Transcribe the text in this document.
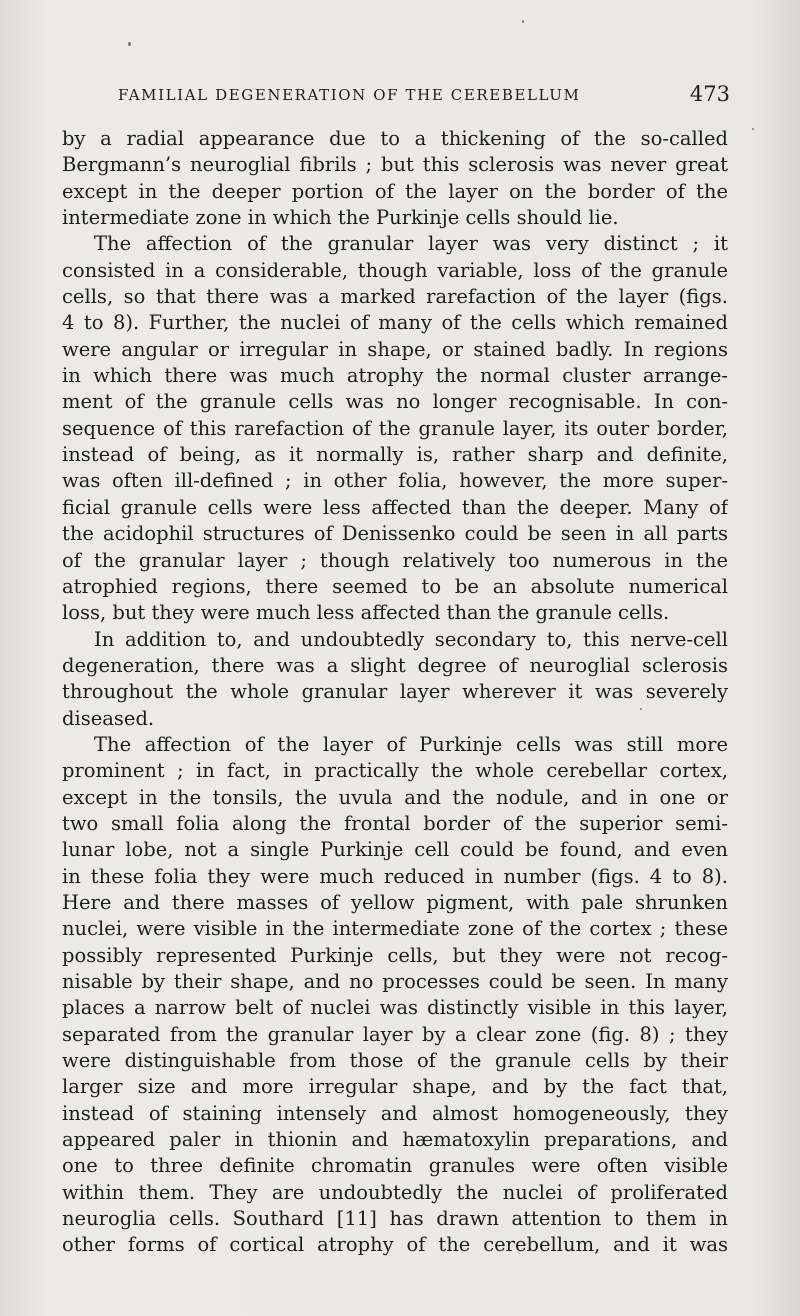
FAMILIAL DEGENERATION OF THE CEREBELLUM	473
by a radial appearance due to a thickening of the so-called
Bergmann’s neuroglial fibrils ; but this sclerosis was never great
except in the deeper portion of the layer on the border of the
intermediate zone in which the Purkinje cells should lie.
The affection of the granular layer was very distinct ; it
consisted in a considerable, though variable, loss of the granule
cells, so that there was a marked rarefaction of the layer (figs.
4 to 8). Further, the nuclei of many of the cells which remained
were angular or irregular in shape, or stained badly. In regions
in which there was much atrophy the normal cluster arrange-
ment of the granule cells was no longer recognisable. In con-
sequence of this rarefaction of the granule layer, its outer border,
instead of being, as it normally is, rather sharp and definite,
was often ill-defined ; in other folia, however, the more super-
ficial granule cells were less affected than the deeper. Many of
the acidophil structures of Denissenko could be seen in all parts
of the granular layer ; though relatively too numerous in the
atrophied regions, there seemed to be an absolute numerical
loss, but they were much less affected than the granule cells.
In addition to, and undoubtedly secondary to, this nerve-cell
degeneration, there was a slight degree of neuroglial sclerosis
throughout the whole granular layer wherever it was severely
diseased.
The affection of the layer of Purkinje cells was still more
prominent ; in fact, in practically the whole cerebellar cortex,
except in the tonsils, the uvula and the nodule, and in one or
two small folia along the frontal border of the superior semi-
lunar lobe, not a single Purkinje cell could be found, and even
in these folia they were much reduced in number (figs. 4 to 8).
Here and there masses of yellow pigment, with pale shrunken
nuclei, were visible in the intermediate zone of the cortex ; these
possibly represented Purkinje cells, but they were not recog-
nisable by their shape, and no processes could be seen. In many
places a narrow belt of nuclei was distinctly visible in this layer,
separated from the granular layer by a clear zone (fig. 8) ; they
were distinguishable from those of the granule cells by their
larger size and more irregular shape, and by the fact that,
instead of staining intensely and almost homogeneously, they
appeared paler in thionin and hæmatoxylin preparations, and
one to three definite chromatin granules were often visible
within them. They are undoubtedly the nuclei of proliferated
neuroglia cells. Southard [11] has drawn attention to them in
other forms of cortical atrophy of the cerebellum, and it was
